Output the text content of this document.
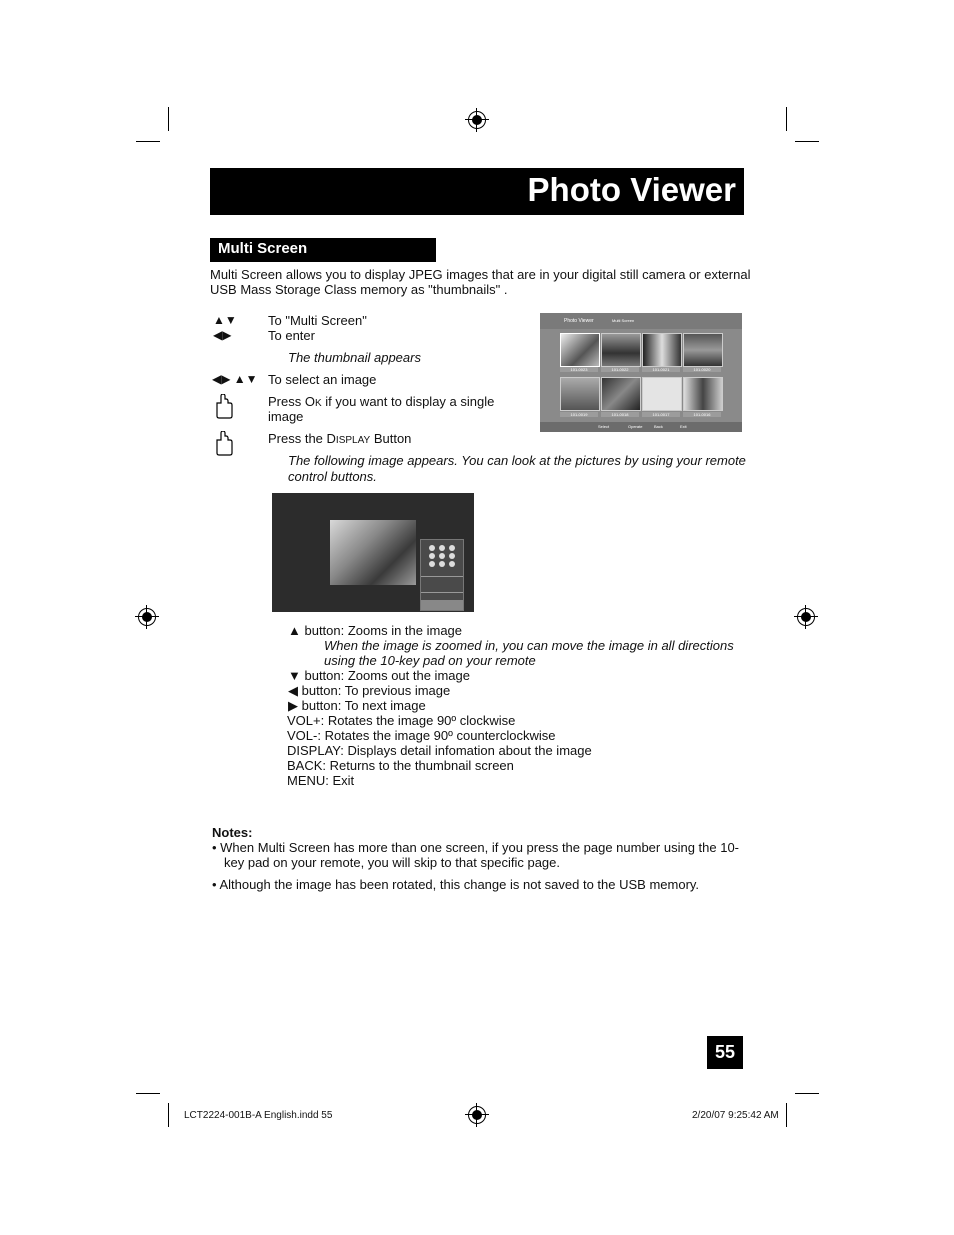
Photo Viewer
Multi Screen
Multi Screen allows you to display JPEG images that are in your digital still camera or external
USB Mass Storage Class memory as "thumbnails" .
▲▼ To "Multi Screen"
◀▶	To enter
The thumbnail appears
◀▶ ▲▼ To select an image
Press OK if you want to display a single
image
Press the DISPLAY Button
The following image appears. You can look at the pictures by using your remote
control buttons.
Photo Viewer	Multi Screen
101-0023	101-0022	101-0021	101-0020
101-0019	101-0018	101-0017	101-0016
Select	Operate	Back	Exit
▲ button: Zooms in the image
When the image is zoomed in, you can move the image in all directions
using the 10-key pad on your remote
▼ button: Zooms out the image
◀ button: To previous image
▶ button: To next image
VOL+: Rotates the image 90º clockwise
VOL-: Rotates the image 90º counterclockwise
DISPLAY: Displays detail infomation about the image
BACK: Returns to the thumbnail screen
MENU: Exit
Notes:
• When Multi Screen has more than one screen, if you press the page number using the 10-
key pad on your remote, you will skip to that specific page.
• Although the image has been rotated, this change is not saved to the USB memory.
55
LCT2224-001B-A English.indd 55	2/20/07 9:25:42 AM
